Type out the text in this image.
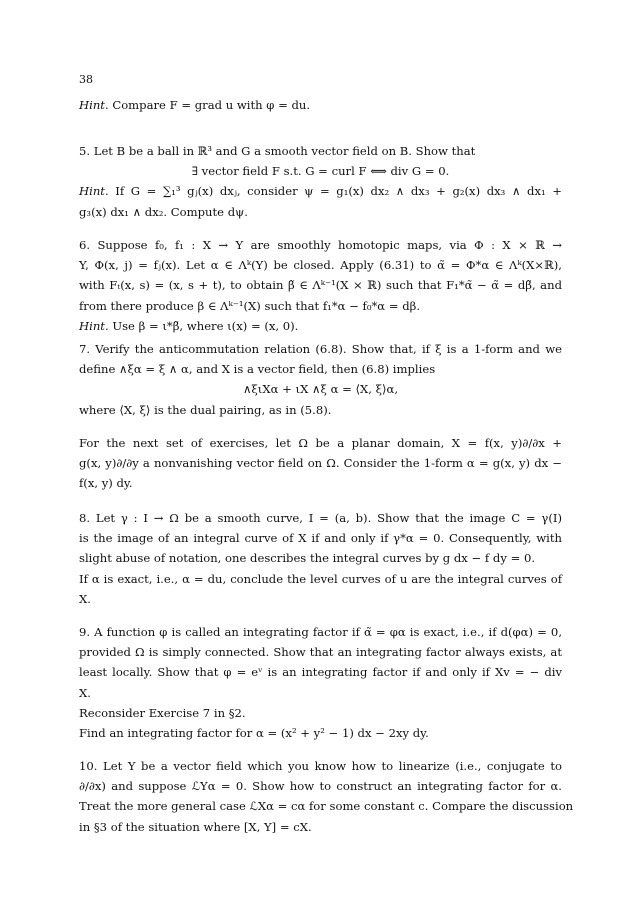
38
Hint. Compare F = grad u with φ = du.
5. Let B be a ball in ℝ³ and G a smooth vector field on B. Show that
∃ vector field F s.t. G = curl F ⟺ div G = 0.
Hint. If G = ∑₁³ gⱼ(x) dxⱼ, consider ψ = g₁(x) dx₂ ∧ dx₃ + g₂(x) dx₃ ∧ dx₁ +
g₃(x) dx₁ ∧ dx₂. Compute dψ.
6. Suppose f₀, f₁ : X → Y are smoothly homotopic maps, via Φ : X × ℝ →
Y, Φ(x, j) = fⱼ(x). Let α ∈ Λᵏ(Y) be closed. Apply (6.31) to α̃ = Φ*α ∈ Λᵏ(X×ℝ),
with Fₜ(x, s) = (x, s + t), to obtain β̃ ∈ Λᵏ⁻¹(X × ℝ) such that F₁*α̃ − α̃ = dβ̃, and
from there produce β ∈ Λᵏ⁻¹(X) such that f₁*α − f₀*α = dβ.
Hint. Use β = ι*β̃, where ι(x) = (x, 0).
7. Verify the anticommutation relation (6.8). Show that, if ξ is a 1-form and we
define ∧ξα = ξ ∧ α, and X is a vector field, then (6.8) implies
∧ξιXα + ιX ∧ξ α = ⟨X, ξ⟩α,
where ⟨X, ξ⟩ is the dual pairing, as in (5.8).
For the next set of exercises, let Ω be a planar domain, X = f(x, y)∂/∂x +
g(x, y)∂/∂y a nonvanishing vector field on Ω. Consider the 1-form α = g(x, y) dx −
f(x, y) dy.
8. Let γ : I → Ω be a smooth curve, I = (a, b). Show that the image C = γ(I)
is the image of an integral curve of X if and only if γ*α = 0. Consequently, with
slight abuse of notation, one describes the integral curves by g dx − f dy = 0.
If α is exact, i.e., α = du, conclude the level curves of u are the integral curves of
X.
9. A function φ is called an integrating factor if α̃ = φα is exact, i.e., if d(φα) = 0,
provided Ω is simply connected. Show that an integrating factor always exists, at
least locally. Show that φ = eᵛ is an integrating factor if and only if Xv = − div
X.
Reconsider Exercise 7 in §2.
Find an integrating factor for α = (x² + y² − 1) dx − 2xy dy.
10. Let Y be a vector field which you know how to linearize (i.e., conjugate to
∂/∂x) and suppose ℒYα = 0. Show how to construct an integrating factor for α.
Treat the more general case ℒXα = cα for some constant c. Compare the discussion
in §3 of the situation where [X, Y] = cX.
